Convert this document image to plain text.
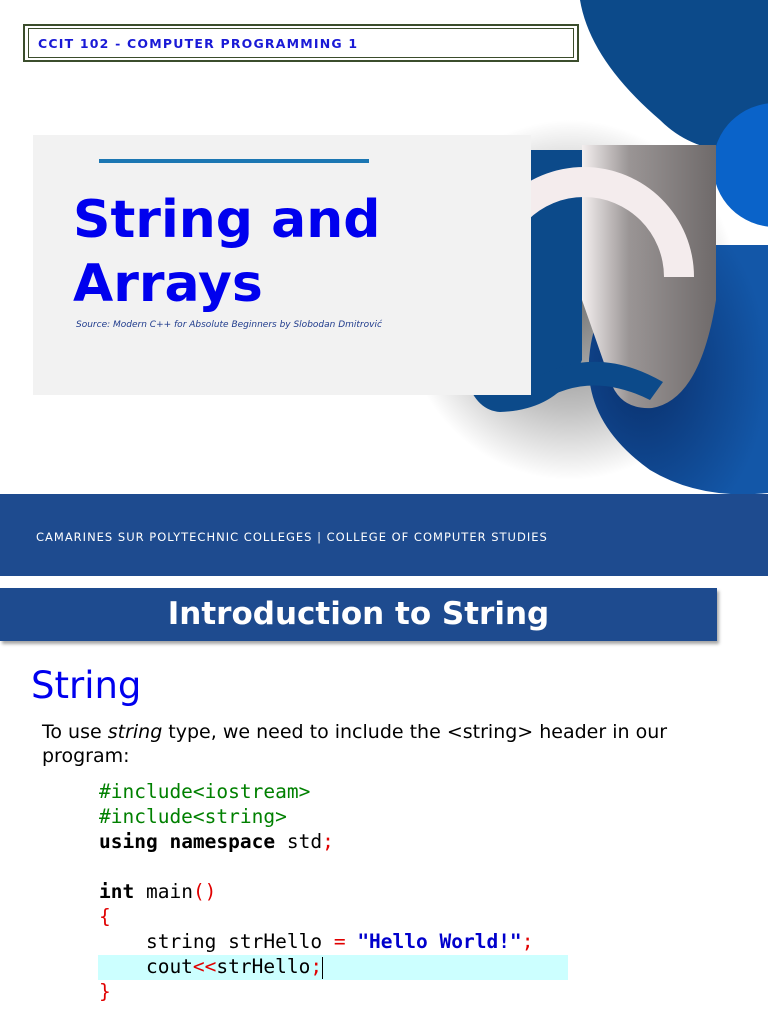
CCIT 102 - COMPUTER PROGRAMMING 1
String and
Arrays
Source: Modern C++ for Absolute Beginners by Slobodan Dmitrović
CAMARINES SUR POLYTECHNIC COLLEGES | COLLEGE OF COMPUTER STUDIES
Introduction to String
String
To use string type, we need to include the <string> header in our program:
#include<iostream>
#include<string>
using namespace std;
int main()
{
string strHello = "Hello World!";
cout<<strHello;
}
